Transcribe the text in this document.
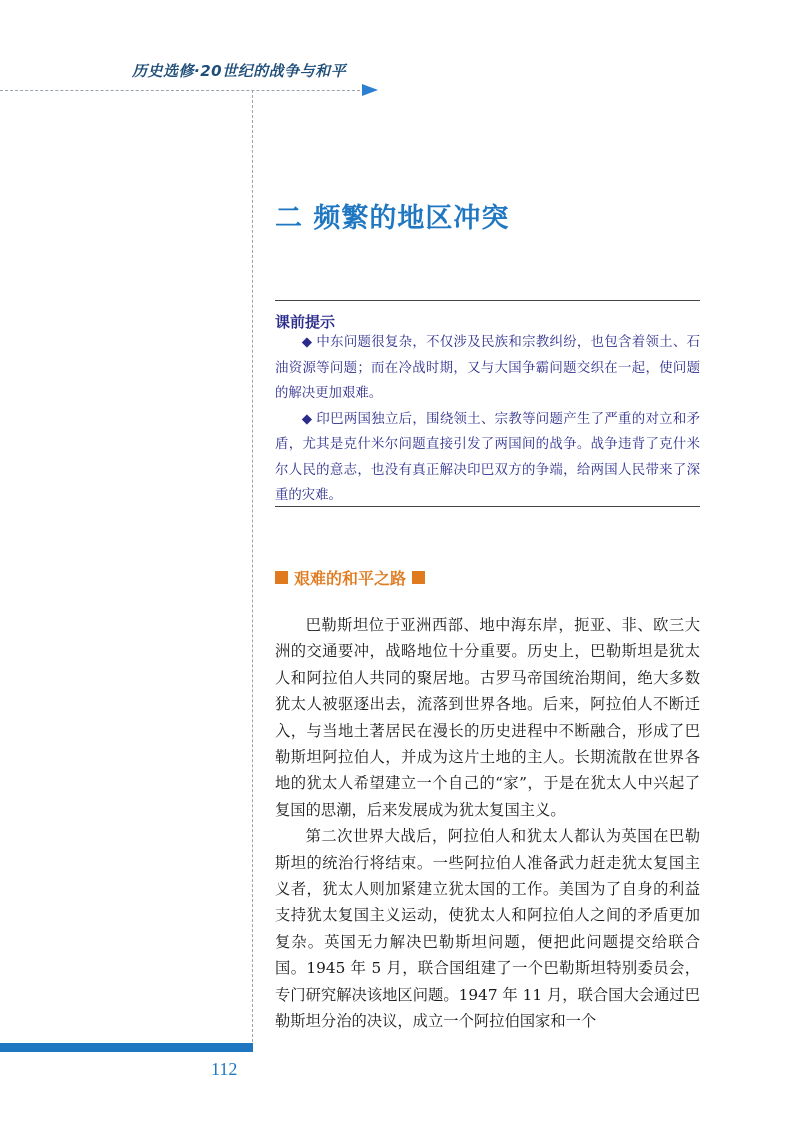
历史选修·20世纪的战争与和平
二 频繁的地区冲突
课前提示

◆ 中东问题很复杂，不仅涉及民族和宗教纠纷，也包含着领土、石油资源等问题；而在冷战时期，又与大国争霸问题交织在一起，使问题的解决更加艰难。

◆ 印巴两国独立后，围绕领土、宗教等问题产生了严重的对立和矛盾，尤其是克什米尔问题直接引发了两国间的战争。战争违背了克什米尔人民的意志，也没有真正解决印巴双方的争端，给两国人民带来了深重的灾难。

艰难的和平之路

巴勒斯坦位于亚洲西部、地中海东岸，扼亚、非、欧三大洲的交通要冲，战略地位十分重要。历史上，巴勒斯坦是犹太人和阿拉伯人共同的聚居地。古罗马帝国统治期间，绝大多数犹太人被驱逐出去，流落到世界各地。后来，阿拉伯人不断迁入，与当地土著居民在漫长的历史进程中不断融合，形成了巴勒斯坦阿拉伯人，并成为这片土地的主人。长期流散在世界各地的犹太人希望建立一个自己的“家”，于是在犹太人中兴起了复国的思潮，后来发展成为犹太复国主义。

第二次世界大战后，阿拉伯人和犹太人都认为英国在巴勒斯坦的统治行将结束。一些阿拉伯人准备武力赶走犹太复国主义者，犹太人则加紧建立犹太国的工作。美国为了自身的利益支持犹太复国主义运动，使犹太人和阿拉伯人之间的矛盾更加复杂。英国无力解决巴勒斯坦问题，便把此问题提交给联合国。1945 年 5 月，联合国组建了一个巴勒斯坦特别委员会，专门研究解决该地区问题。1947 年 11 月，联合国大会通过巴勒斯坦分治的决议，成立一个阿拉伯国家和一个

112
